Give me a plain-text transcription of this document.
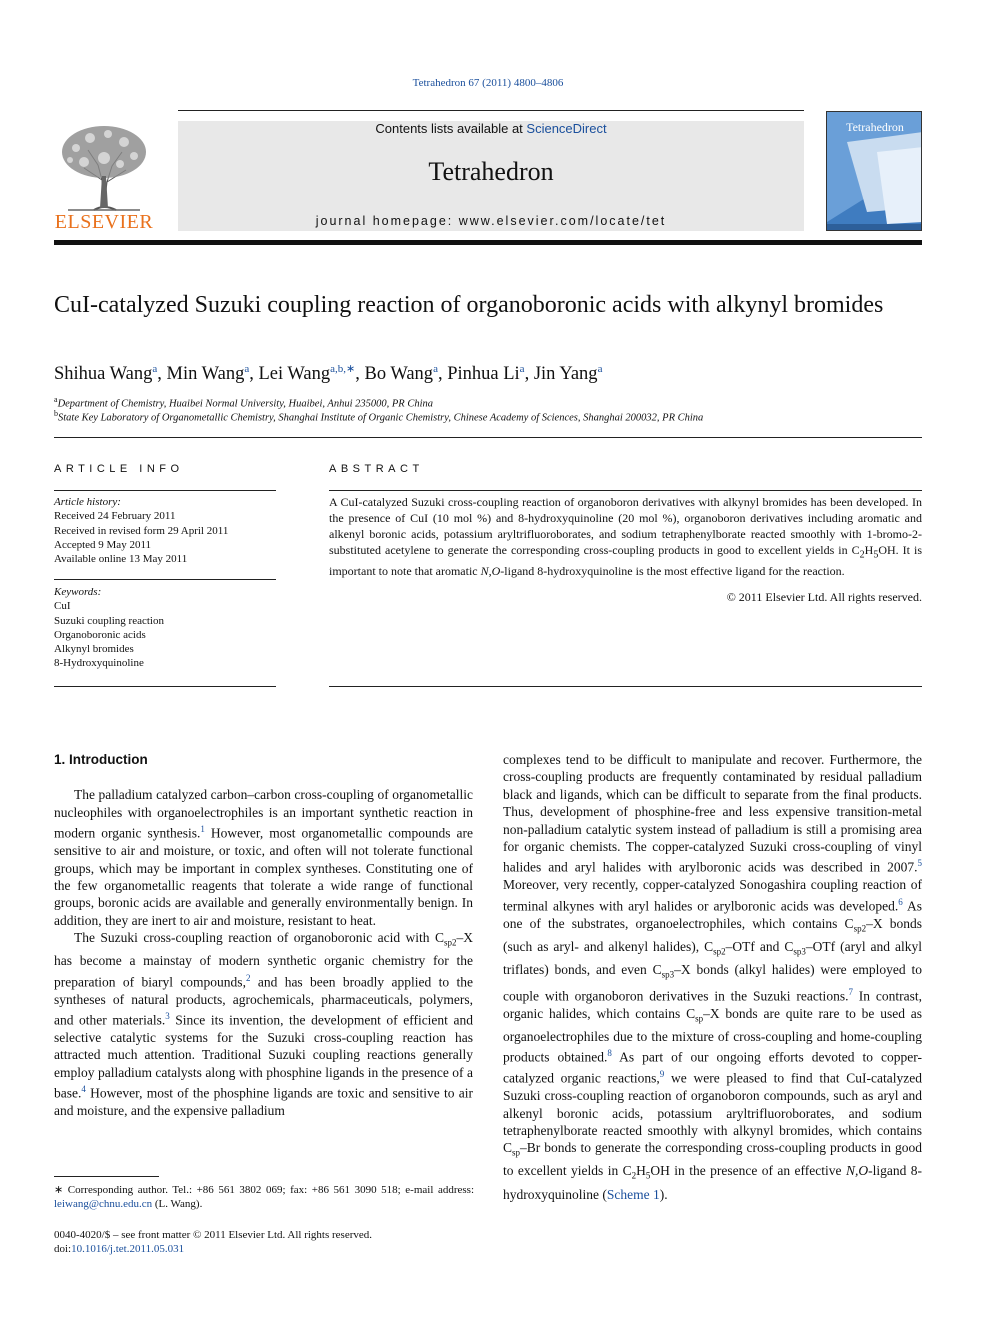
Tetrahedron 67 (2011) 4800–4806
ELSEVIER
Contents lists available at ScienceDirect
Tetrahedron
journal homepage: www.elsevier.com/locate/tet
Tetrahedron
CuI-catalyzed Suzuki coupling reaction of organoboronic acids with alkynyl bromides
Shihua Wang$^a$, Min Wang$^a$, Lei Wang$^{a,b,∗}$, Bo Wang$^a$, Pinhua Li$^a$, Jin Yang$^a$
$^a$Department of Chemistry, Huaibei Normal University, Huaibei, Anhui 235000, PR China
$^b$State Key Laboratory of Organometallic Chemistry, Shanghai Institute of Organic Chemistry, Chinese Academy of Sciences, Shanghai 200032, PR China
ARTICLE INFO
Article history:
Received 24 February 2011
Received in revised form 29 April 2011
Accepted 9 May 2011
Available online 13 May 2011
Keywords:
CuI
Suzuki coupling reaction
Organoboronic acids
Alkynyl bromides
8-Hydroxyquinoline
ABSTRACT
A CuI-catalyzed Suzuki cross-coupling reaction of organoboron derivatives with alkynyl bromides has been developed. In the presence of CuI (10 mol %) and 8-hydroxyquinoline (20 mol %), organoboron derivatives including aromatic and alkenyl boronic acids, potassium aryltrifluoroborates, and sodium tetraphenylborate reacted smoothly with 1-bromo-2-substituted acetylene to generate the corresponding cross-coupling products in good to excellent yields in $C_2H_5OH$. It is important to note that aromatic N,O-ligand 8-hydroxyquinoline is the most effective ligand for the reaction.
© 2011 Elsevier Ltd. All rights reserved.
1. Introduction

The palladium catalyzed carbon–carbon cross-coupling of organometallic nucleophiles with organoelectrophiles is an important synthetic reaction in modern organic synthesis.$^1$ However, most organometallic compounds are sensitive to air and moisture, or toxic, and often will not tolerate functional groups, which may be important in complex syntheses. Constituting one of the few organometallic reagents that tolerate a wide range of functional groups, boronic acids are available and generally environmentally benign. In addition, they are inert to air and moisture, resistant to heat.

The Suzuki cross-coupling reaction of organoboronic acid with $C_{sp2}-X$ has become a mainstay of modern synthetic organic chemistry for the preparation of biaryl compounds,$^2$ and has been broadly applied to the syntheses of natural products, agrochemicals, pharmaceuticals, polymers, and other materials.$^3$ Since its invention, the development of efficient and selective catalytic systems for the Suzuki cross-coupling reaction has attracted much attention. Traditional Suzuki coupling reactions generally employ palladium catalysts along with phosphine ligands in the presence of a base.$^4$ However, most of the phosphine ligands are toxic and sensitive to air and moisture, and the expensive palladium

complexes tend to be difficult to manipulate and recover. Furthermore, the cross-coupling products are frequently contaminated by residual palladium black and ligands, which can be difficult to separate from the final products. Thus, development of phosphine-free and less expensive transition-metal non-palladium catalytic system instead of palladium is still a promising area for organic chemists. The copper-catalyzed Suzuki cross-coupling of vinyl halides and aryl halides with arylboronic acids was described in 2007.$^5$ Moreover, very recently, copper-catalyzed Sonogashira coupling reaction of terminal alkynes with aryl halides or arylboronic acids was developed.$^6$ As one of the substrates, organoelectrophiles, which contains $C_{sp2}-X$ bonds (such as aryl- and alkenyl halides), $C_{sp2}$–OTf and $C_{sp3}$–OTf (aryl and alkyl triflates) bonds, and even $C_{sp3}-X$ bonds (alkyl halides) were employed to couple with organoboron derivatives in the Suzuki reactions.$^7$ In contrast, organic halides, which contains $C_{sp}-X$ bonds are quite rare to be used as organoelectrophiles due to the mixture of cross-coupling and home-coupling products obtained.$^8$ As part of our ongoing efforts devoted to copper-catalyzed organic reactions,$^9$ we were pleased to find that CuI-catalyzed Suzuki cross-coupling reaction of organoboron compounds, such as aryl and alkenyl boronic acids, potassium aryltrifluoroborates, and sodium tetraphenylborate reacted smoothly with alkynyl bromides, which contains $C_{sp}-Br$ bonds to generate the corresponding cross-coupling products in good to excellent yields in $C_2H_5OH$ in the presence of an effective N,O-ligand 8-hydroxyquinoline (Scheme 1).

∗ Corresponding author. Tel.: +86 561 3802 069; fax: +86 561 3090 518; e-mail address: leiwang@chnu.edu.cn (L. Wang).
0040-4020/$ – see front matter © 2011 Elsevier Ltd. All rights reserved.
doi:10.1016/j.tet.2011.05.031
